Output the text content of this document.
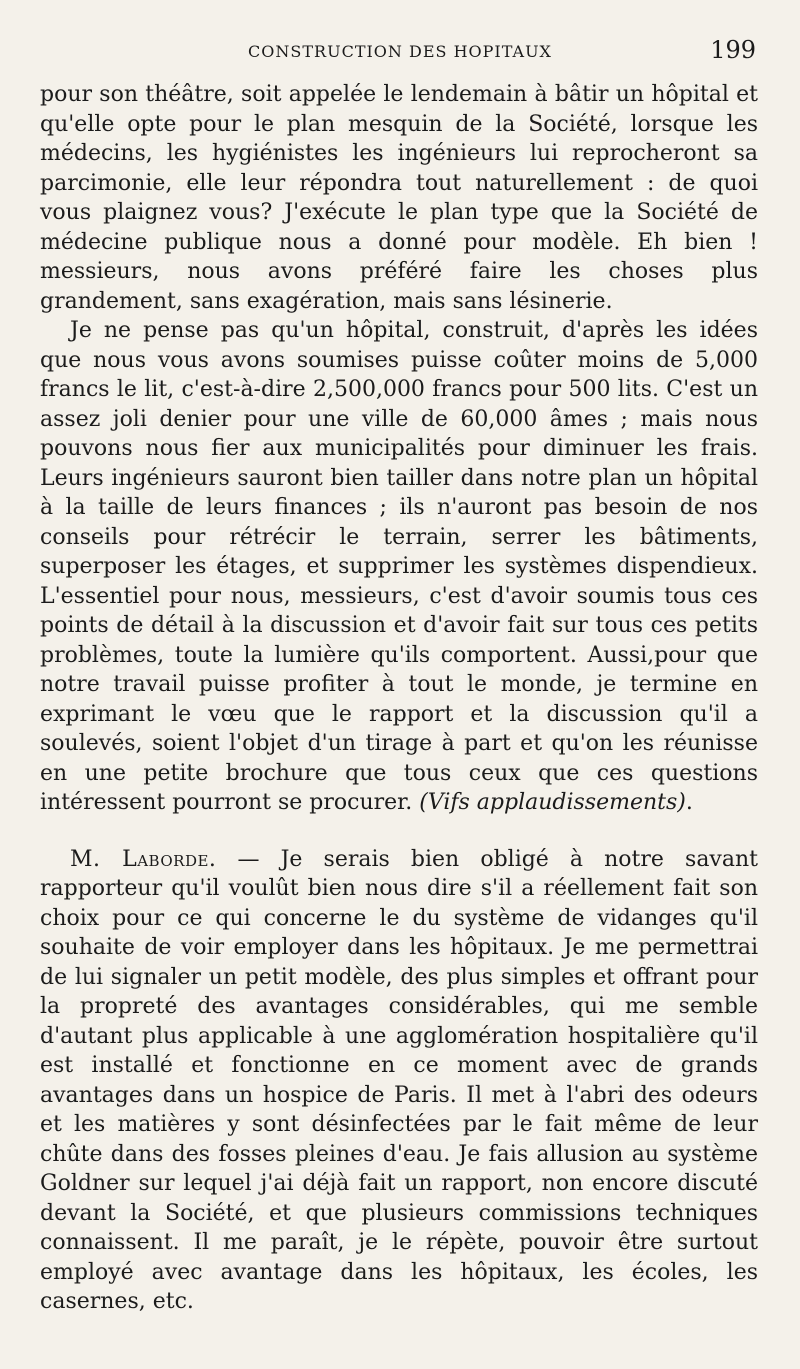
CONSTRUCTION DES HOPITAUX	199

pour son théâtre, soit appelée le lendemain à bâtir un hôpital et qu'elle opte pour le plan mesquin de la Société, lorsque les médecins, les hygiénistes les ingénieurs lui reprocheront sa parcimonie, elle leur répondra tout naturellement : de quoi vous plaignez vous? J'exécute le plan type que la Société de médecine publique nous a donné pour modèle. Eh bien ! messieurs, nous avons préféré faire les choses plus grandement, sans exagération, mais sans lésinerie.

Je ne pense pas qu'un hôpital, construit, d'après les idées que nous vous avons soumises puisse coûter moins de 5,000 francs le lit, c'est-à-dire 2,500,000 francs pour 500 lits. C'est un assez joli denier pour une ville de 60,000 âmes ; mais nous pouvons nous fier aux municipalités pour diminuer les frais. Leurs ingénieurs sauront bien tailler dans notre plan un hôpital à la taille de leurs finances ; ils n'auront pas besoin de nos conseils pour rétrécir le terrain, serrer les bâtiments, superposer les étages, et supprimer les systèmes dispendieux. L'essentiel pour nous, messieurs, c'est d'avoir soumis tous ces points de détail à la discussion et d'avoir fait sur tous ces petits problèmes, toute la lumière qu'ils comportent. Aussi,pour que notre travail puisse profiter à tout le monde, je termine en exprimant le vœu que le rapport et la discussion qu'il a soulevés, soient l'objet d'un tirage à part et qu'on les réunisse en une petite brochure que tous ceux que ces questions intéressent pourront se procurer. (Vifs applaudissements).

M. Laborde. — Je serais bien obligé à notre savant rapporteur qu'il voulût bien nous dire s'il a réellement fait son choix pour ce qui concerne le du système de vidanges qu'il souhaite de voir employer dans les hôpitaux. Je me permettrai de lui signaler un petit modèle, des plus simples et offrant pour la propreté des avantages considérables, qui me semble d'autant plus applicable à une agglomération hospitalière qu'il est installé et fonctionne en ce moment avec de grands avantages dans un hospice de Paris. Il met à l'abri des odeurs et les matières y sont désinfectées par le fait même de leur chûte dans des fosses pleines d'eau. Je fais allusion au système Goldner sur lequel j'ai déjà fait un rapport, non encore discuté devant la Société, et que plusieurs commissions techniques connaissent. Il me paraît, je le répète, pouvoir être surtout employé avec avantage dans les hôpitaux, les écoles, les casernes, etc.
